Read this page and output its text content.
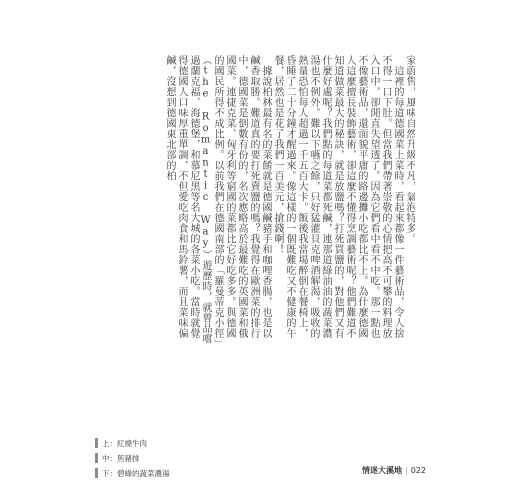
家蔚售，風味自然升級不凡，氣泡特多。

　這裡的每道德國菜上菜時，看起來都像一件藝術品，令人捨不得一口下肚。但當我們帶著崇敬的心情把高不可攀的料理放入口中，卻閒直失望透了。因為它們看中看不中吃。那一點也不像藝術品，還面貌平庸的路邊攤小吃都比不上。為什麼德國人這麼擅長裝飾藝術，卻這麼不懂得烹調藝術呢？他們難道不知道做菜最大的秘訣，就是放鹽嗎？打死買鹽的，對他們又有什麼好處呢？我們點的每道菜都死鹹，連那道綠油油的蔬菜濃湯也不例外。難以下嚥之餘，只好猛灌貝克啤酒解渴，吸收的熱量恐怕每人超過一千五百大卡。飯後我當場醉倒在餐椅上，昏睡了二十分鐘才醒過來。像這樣的一個既難吃又不健康的午餐，居然也是花了我們一百美元，搶錢啊！

　據說柏林最有名的菜餚就是德國鹹豬手和咖哩香腸，也是以鹹香取勝。難道真的要打死賣鹽的嗎？我覺得在歐洲菜的排行中，德國菜是倒數有份的，名次應略高於最難吃的英國菜和俄國菜。連捷克菜、匈牙利等窮國的菜都比它好吃多多。與德國的國民所得不成比例。以前我們在德國南部的「羅曼蒂克小徑」（the Romantic Way）遊歷時，就曾品嚐過蘭克福、海德堡，和慕尼黑等名大城的各菜小吃。當時就覺得德國人口味厚重單調，不但愛吃肉食和馬鈴薯，而且菜味偏鹹，沒想到德國東北部的柏

上：紅燒牛肉
中：煎豬排
下：碧綠的蔬菜濃湯	情迷大溪地 | 022
